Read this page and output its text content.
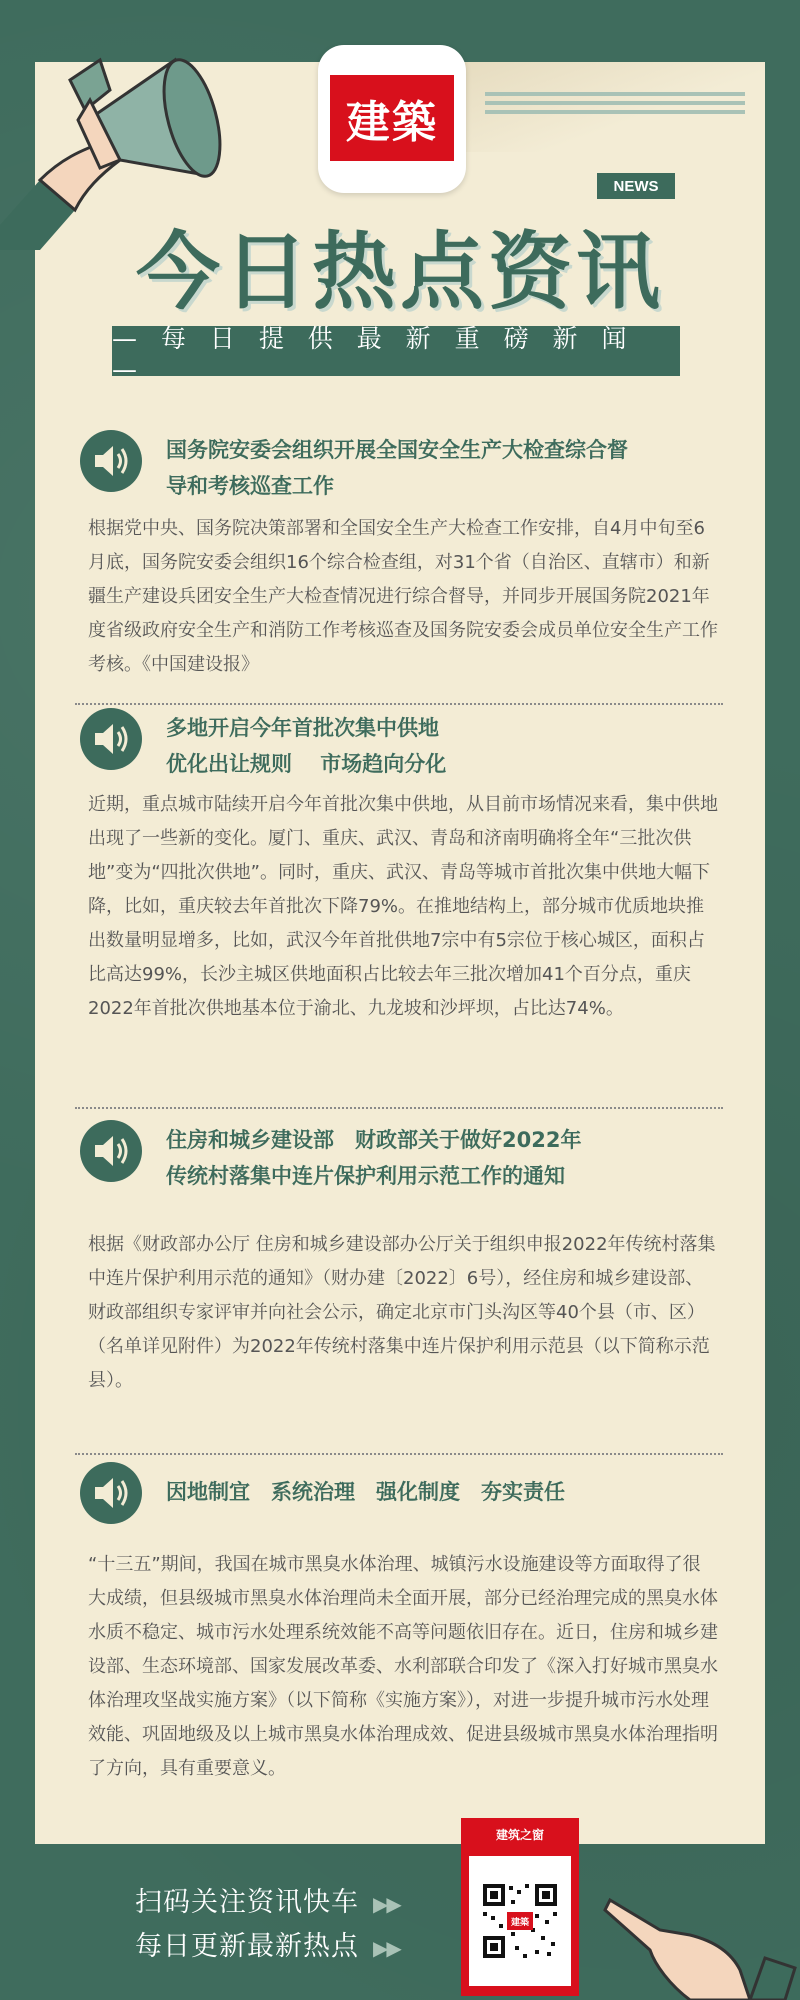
建築
NEWS
今日热点资讯
— 每 日 提 供 最 新 重 磅 新 闻 —
国务院安委会组织开展全国安全生产大检查综合督
导和考核巡查工作
根据党中央、国务院决策部署和全国安全生产大检查工作安排，自4月中旬至6月底，国务院安委会组织16个综合检查组，对31个省（自治区、直辖市）和新疆生产建设兵团安全生产大检查情况进行综合督导，并同步开展国务院2021年度省级政府安全生产和消防工作考核巡查及国务院安委会成员单位安全生产工作考核。《中国建设报》
多地开启今年首批次集中供地
优化出让规则　 市场趋向分化
近期，重点城市陆续开启今年首批次集中供地，从目前市场情况来看，集中供地出现了一些新的变化。厦门、重庆、武汉、青岛和济南明确将全年“三批次供地”变为“四批次供地”。同时，重庆、武汉、青岛等城市首批次集中供地大幅下降，比如，重庆较去年首批次下降79%。在推地结构上，部分城市优质地块推出数量明显增多，比如，武汉今年首批供地7宗中有5宗位于核心城区，面积占比高达99%，长沙主城区供地面积占比较去年三批次增加41个百分点，重庆2022年首批次供地基本位于渝北、九龙坡和沙坪坝，占比达74%。
住房和城乡建设部　财政部关于做好2022年
传统村落集中连片保护利用示范工作的通知
根据《财政部办公厅 住房和城乡建设部办公厅关于组织申报2022年传统村落集中连片保护利用示范的通知》（财办建〔2022〕6号），经住房和城乡建设部、财政部组织专家评审并向社会公示，确定北京市门头沟区等40个县（市、区）（名单详见附件）为2022年传统村落集中连片保护利用示范县（以下简称示范县）。
因地制宜　系统治理　强化制度　夯实责任
“十三五”期间，我国在城市黑臭水体治理、城镇污水设施建设等方面取得了很大成绩，但县级城市黑臭水体治理尚未全面开展，部分已经治理完成的黑臭水体水质不稳定、城市污水处理系统效能不高等问题依旧存在。近日，住房和城乡建设部、生态环境部、国家发展改革委、水利部联合印发了《深入打好城市黑臭水体治理攻坚战实施方案》（以下简称《实施方案》），对进一步提升城市污水处理效能、巩固地级及以上城市黑臭水体治理成效、促进县级城市黑臭水体治理指明了方向，具有重要意义。
扫码关注资讯快车 ▶▶
每日更新最新热点 ▶▶
建筑之窗
建築
